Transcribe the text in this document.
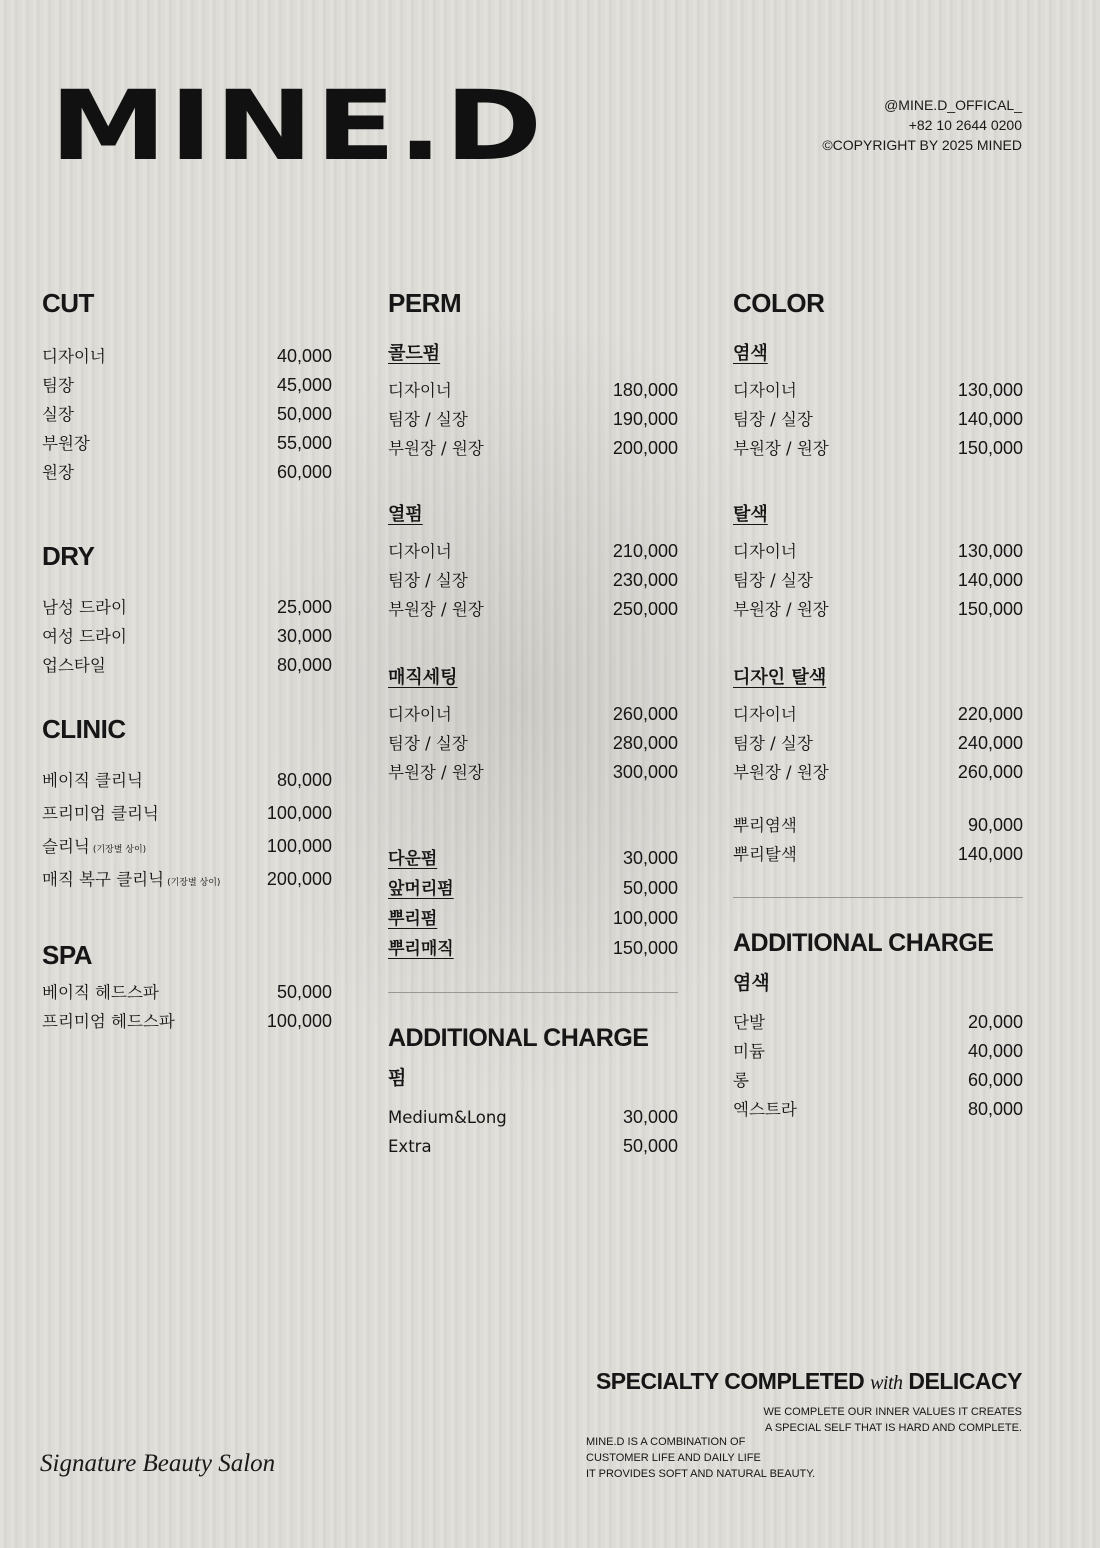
MINE.D	@MINE.D_OFFICAL_
+82 10 2644 0200
©COPYRIGHT BY 2025 MINED
CUT
디자이너	40,000
팀장	45,000
실장	50,000
부원장	55,000
원장	60,000
DRY
남성 드라이	25,000
여성 드라이	30,000
업스타일	80,000
CLINIC
베이직 클리닉	80,000
프리미엄 클리닉	100,000
슬리닉 (기장별 상이)	100,000
매직 복구 클리닉 (기장별 상이)	200,000
SPA
베이직 헤드스파	50,000
프리미엄 헤드스파	100,000
PERM
콜드펌
디자이너	180,000
팀장 / 실장	190,000
부원장 / 원장	200,000
열펌
디자이너	210,000
팀장 / 실장	230,000
부원장 / 원장	250,000
매직세팅
디자이너	260,000
팀장 / 실장	280,000
부원장 / 원장	300,000
다운펌	30,000
앞머리펌	50,000
뿌리펌	100,000
뿌리매직	150,000
ADDITIONAL CHARGE
펌
Medium&Long	30,000
Extra	50,000
COLOR
염색
디자이너	130,000
팀장 / 실장	140,000
부원장 / 원장	150,000
탈색
디자이너	130,000
팀장 / 실장	140,000
부원장 / 원장	150,000
디자인 탈색
디자이너	220,000
팀장 / 실장	240,000
부원장 / 원장	260,000
뿌리염색	90,000
뿌리탈색	140,000
ADDITIONAL CHARGE
염색
단발	20,000
미듐	40,000
롱	60,000
엑스트라	80,000
SPECIALTY COMPLETED with DELICACY
WE COMPLETE OUR INNER VALUES IT CREATES
A SPECIAL SELF THAT IS HARD AND COMPLETE.
MINE.D IS A COMBINATION OF
CUSTOMER LIFE AND DAILY LIFE
IT PROVIDES SOFT AND NATURAL BEAUTY.
Signature Beauty Salon
